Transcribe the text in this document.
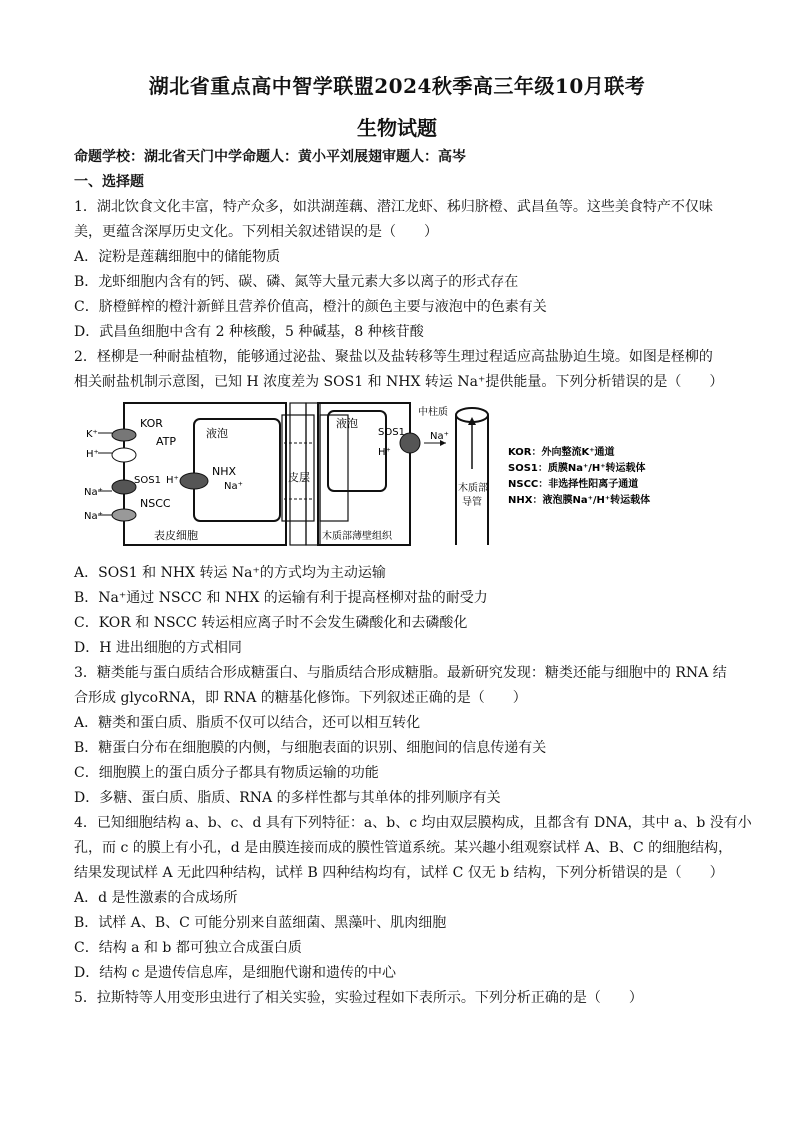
湖北省重点高中智学联盟2024秋季高三年级10月联考
生物试题
命题学校：湖北省天门中学命题人：黄小平刘展翅审题人：高岑
一、选择题
1．湖北饮食文化丰富，特产众多，如洪湖莲藕、潜江龙虾、秭归脐橙、武昌鱼等。这些美食特产不仅味
美，更蕴含深厚历史文化。下列相关叙述错误的是（　　）
A．淀粉是莲藕细胞中的储能物质
B．龙虾细胞内含有的钙、碳、磷、氮等大量元素大多以离子的形式存在
C．脐橙鲜榨的橙汁新鲜且营养价值高，橙汁的颜色主要与液泡中的色素有关
D．武昌鱼细胞中含有 2 种核酸，5 种碱基，8 种核苷酸
2．柽柳是一种耐盐植物，能够通过泌盐、聚盐以及盐转移等生理过程适应高盐胁迫生境。如图是柽柳的
相关耐盐机制示意图，已知 H 浓度差为 SOS1 和 NHX 转运 Na⁺提供能量。下列分析错误的是（　　）
KOR
ATP
K⁺
H⁺
SOS1 H⁺
Na⁺
NSCC
Na⁺
NHX
Na⁺
液泡
皮层
液泡
SOS1
H⁺
Na⁺
中柱质
木质部
导管
表皮细胞	木质部薄壁组织
KOR：外向整流K⁺通道
SOS1：质膜Na⁺/H⁺转运载体
NSCC：非选择性阳离子通道
NHX：液泡膜Na⁺/H⁺转运载体
A．SOS1 和 NHX 转运 Na⁺的方式均为主动运输
B．Na⁺通过 NSCC 和 NHX 的运输有利于提高柽柳对盐的耐受力
C．KOR 和 NSCC 转运相应离子时不会发生磷酸化和去磷酸化
D．H 进出细胞的方式相同
3．糖类能与蛋白质结合形成糖蛋白、与脂质结合形成糖脂。最新研究发现：糖类还能与细胞中的 RNA 结
合形成 glycoRNA，即 RNA 的糖基化修饰。下列叙述正确的是（　　）
A．糖类和蛋白质、脂质不仅可以结合，还可以相互转化
B．糖蛋白分布在细胞膜的内侧，与细胞表面的识别、细胞间的信息传递有关
C．细胞膜上的蛋白质分子都具有物质运输的功能
D．多糖、蛋白质、脂质、RNA 的多样性都与其单体的排列顺序有关
4．已知细胞结构 a、b、c、d 具有下列特征：a、b、c 均由双层膜构成，且都含有 DNA，其中 a、b 没有小
孔，而 c 的膜上有小孔，d 是由膜连接而成的膜性管道系统。某兴趣小组观察试样 A、B、C 的细胞结构，
结果发现试样 A 无此四种结构，试样 B 四种结构均有，试样 C 仅无 b 结构，下列分析错误的是（　　）
A．d 是性激素的合成场所
B．试样 A、B、C 可能分别来自蓝细菌、黑藻叶、肌肉细胞
C．结构 a 和 b 都可独立合成蛋白质
D．结构 c 是遗传信息库，是细胞代谢和遗传的中心
5．拉斯特等人用变形虫进行了相关实验，实验过程如下表所示。下列分析正确的是（　　）
